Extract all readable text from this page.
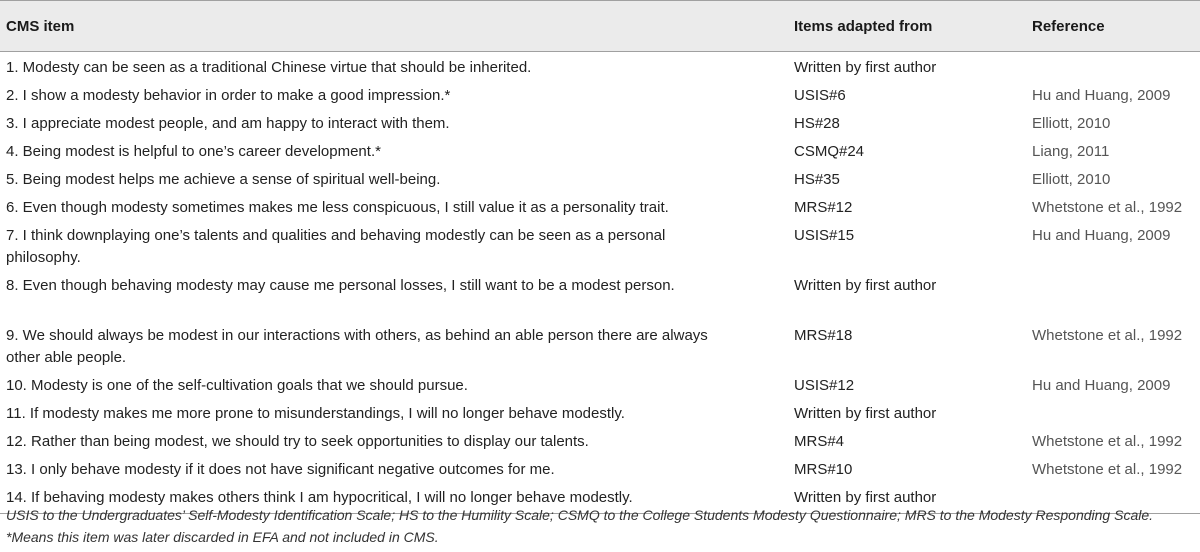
CMS item	Items adapted from	Reference
1. Modesty can be seen as a traditional Chinese virtue that should be inherited.	Written by first author	
2. I show a modesty behavior in order to make a good impression.*	USIS#6	Hu and Huang, 2009
3. I appreciate modest people, and am happy to interact with them.	HS#28	Elliott, 2010
4. Being modest is helpful to one’s career development.*	CSMQ#24	Liang, 2011
5. Being modest helps me achieve a sense of spiritual well-being.	HS#35	Elliott, 2010
6. Even though modesty sometimes makes me less conspicuous, I still value it as a personality trait.	MRS#12	Whetstone et al., 1992
7. I think downplaying one’s talents and qualities and behaving modestly can be seen as a personal philosophy.	USIS#15	Hu and Huang, 2009
8. Even though behaving modesty may cause me personal losses, I still want to be a modest person.	Written by first author	
9. We should always be modest in our interactions with others, as behind an able person there are always other able people.	MRS#18	Whetstone et al., 1992
10. Modesty is one of the self-cultivation goals that we should pursue.	USIS#12	Hu and Huang, 2009
11. If modesty makes me more prone to misunderstandings, I will no longer behave modestly.	Written by first author	
12. Rather than being modest, we should try to seek opportunities to display our talents.	MRS#4	Whetstone et al., 1992
13. I only behave modesty if it does not have significant negative outcomes for me.	MRS#10	Whetstone et al., 1992
14. If behaving modesty makes others think I am hypocritical, I will no longer behave modestly.	Written by first author	
USIS to the Undergraduates’ Self-Modesty Identification Scale; HS to the Humility Scale; CSMQ to the College Students Modesty Questionnaire; MRS to the Modesty Responding Scale. *Means this item was later discarded in EFA and not included in CMS.
